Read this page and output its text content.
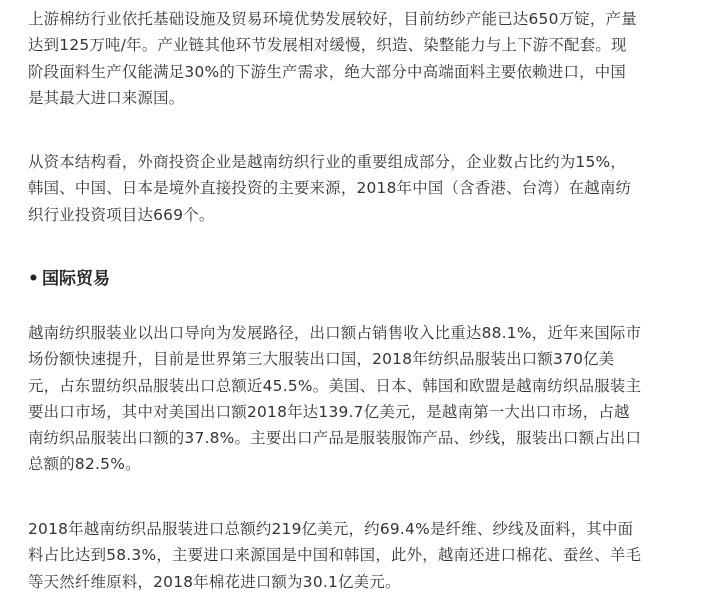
上游棉纺行业依托基础设施及贸易环境优势发展较好，目前纺纱产能已达650万锭，产量
达到125万吨/年。产业链其他环节发展相对缓慢，织造、染整能力与上下游不配套。现
阶段面料生产仅能满足30%的下游生产需求，绝大部分中高端面料主要依赖进口，中国
是其最大进口来源国。

从资本结构看，外商投资企业是越南纺织行业的重要组成部分，企业数占比约为15%，
韩国、中国、日本是境外直接投资的主要来源，2018年中国（含香港、台湾）在越南纺
织行业投资项目达669个。

• 国际贸易

越南纺织服装业以出口导向为发展路径，出口额占销售收入比重达88.1%，近年来国际市
场份额快速提升，目前是世界第三大服装出口国，2018年纺织品服装出口额370亿美
元，占东盟纺织品服装出口总额近45.5%。美国、日本、韩国和欧盟是越南纺织品服装主
要出口市场，其中对美国出口额2018年达139.7亿美元，是越南第一大出口市场，占越
南纺织品服装出口额的37.8%。主要出口产品是服装服饰产品、纱线，服装出口额占出口
总额的82.5%。

2018年越南纺织品服装进口总额约219亿美元，约69.4%是纤维、纱线及面料，其中面
料占比达到58.3%，主要进口来源国是中国和韩国，此外，越南还进口棉花、蚕丝、羊毛
等天然纤维原料，2018年棉花进口额为30.1亿美元。
